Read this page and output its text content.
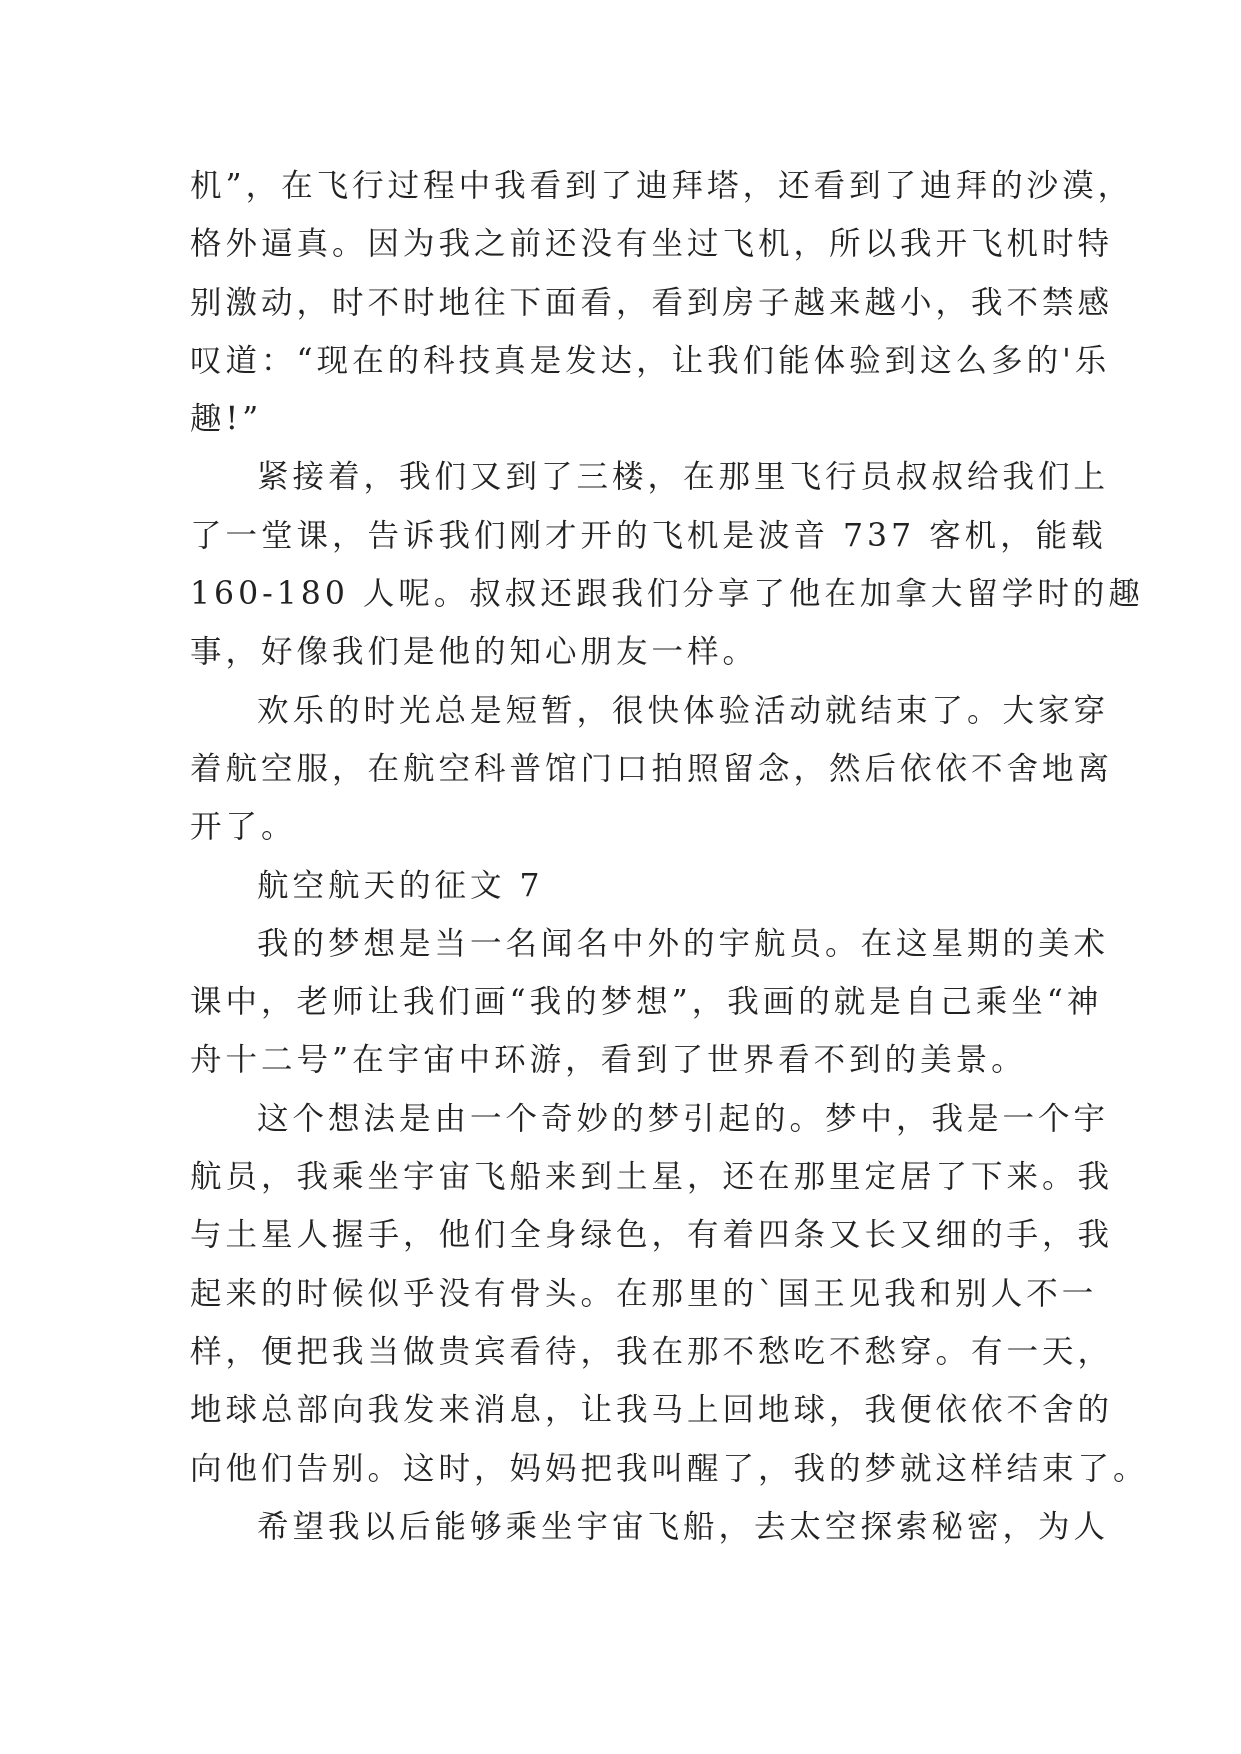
机”，在飞行过程中我看到了迪拜塔，还看到了迪拜的沙漠，
格外逼真。因为我之前还没有坐过飞机，所以我开飞机时特
别激动，时不时地往下面看，看到房子越来越小，我不禁感
叹道：“现在的科技真是发达，让我们能体验到这么多的'乐
趣!”
紧接着，我们又到了三楼，在那里飞行员叔叔给我们上
了一堂课，告诉我们刚才开的飞机是波音 737 客机，能载
160-180 人呢。叔叔还跟我们分享了他在加拿大留学时的趣
事，好像我们是他的知心朋友一样。
欢乐的时光总是短暂，很快体验活动就结束了。大家穿
着航空服，在航空科普馆门口拍照留念，然后依依不舍地离
开了。
航空航天的征文 7
我的梦想是当一名闻名中外的宇航员。在这星期的美术
课中，老师让我们画“我的梦想”，我画的就是自己乘坐“神
舟十二号”在宇宙中环游，看到了世界看不到的美景。
这个想法是由一个奇妙的梦引起的。梦中，我是一个宇
航员，我乘坐宇宙飞船来到土星，还在那里定居了下来。我
与土星人握手，他们全身绿色，有着四条又长又细的手，我
起来的时候似乎没有骨头。在那里的`国王见我和别人不一
样，便把我当做贵宾看待，我在那不愁吃不愁穿。有一天，
地球总部向我发来消息，让我马上回地球，我便依依不舍的
向他们告别。这时，妈妈把我叫醒了，我的梦就这样结束了。
希望我以后能够乘坐宇宙飞船，去太空探索秘密，为人
